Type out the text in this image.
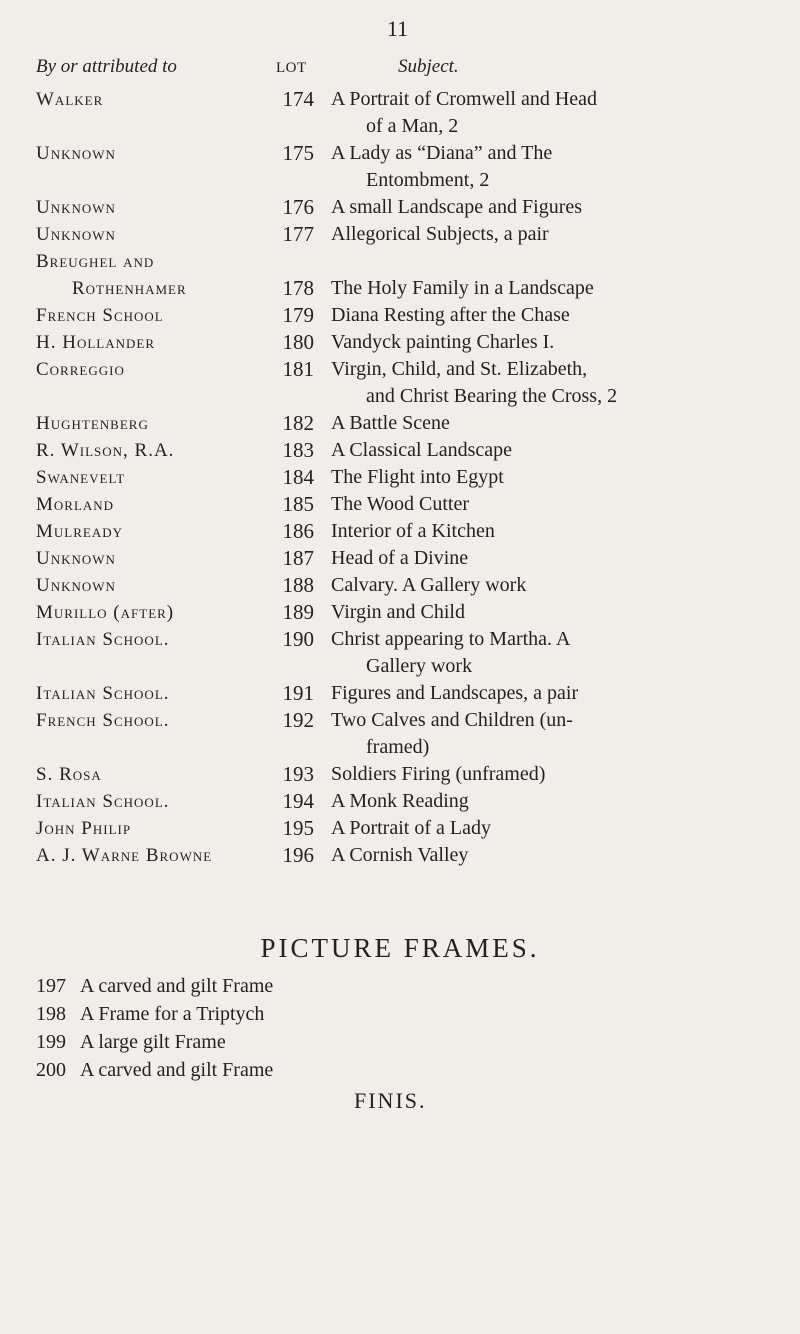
11
By or attributed to	LOT	Subject.
Walker	174 A Portrait of Cromwell and Head
of a Man, 2
Unknown	175 A Lady as “Diana” and The
Entombment, 2
Unknown	176 A small Landscape and Figures
Unknown	177 Allegorical Subjects, a pair
Breughel and
Rothenhamer	178 The Holy Family in a Landscape
French School	179 Diana Resting after the Chase
H. Hollander	180 Vandyck painting Charles I.
Correggio	181 Virgin, Child, and St. Elizabeth,
and Christ Bearing the Cross, 2
Hughtenberg	182 A Battle Scene
R. Wilson, R.A.	183 A Classical Landscape
Swanevelt	184 The Flight into Egypt
Morland	185 The Wood Cutter
Mulready	186 Interior of a Kitchen
Unknown	187 Head of a Divine
Unknown	188 Calvary. A Gallery work
Murillo (after)	189 Virgin and Child
Italian School.	190 Christ appearing to Martha. A
Gallery work
Italian School.	191 Figures and Landscapes, a pair
French School.	192 Two Calves and Children (un-
framed)
S. Rosa	193 Soldiers Firing (unframed)
Italian School.	194 A Monk Reading
John Philip	195 A Portrait of a Lady
A. J. Warne Browne	196 A Cornish Valley
PICTURE FRAMES.
197 A carved and gilt Frame
198 A Frame for a Triptych
199 A large gilt Frame
200 A carved and gilt Frame
FINIS.
